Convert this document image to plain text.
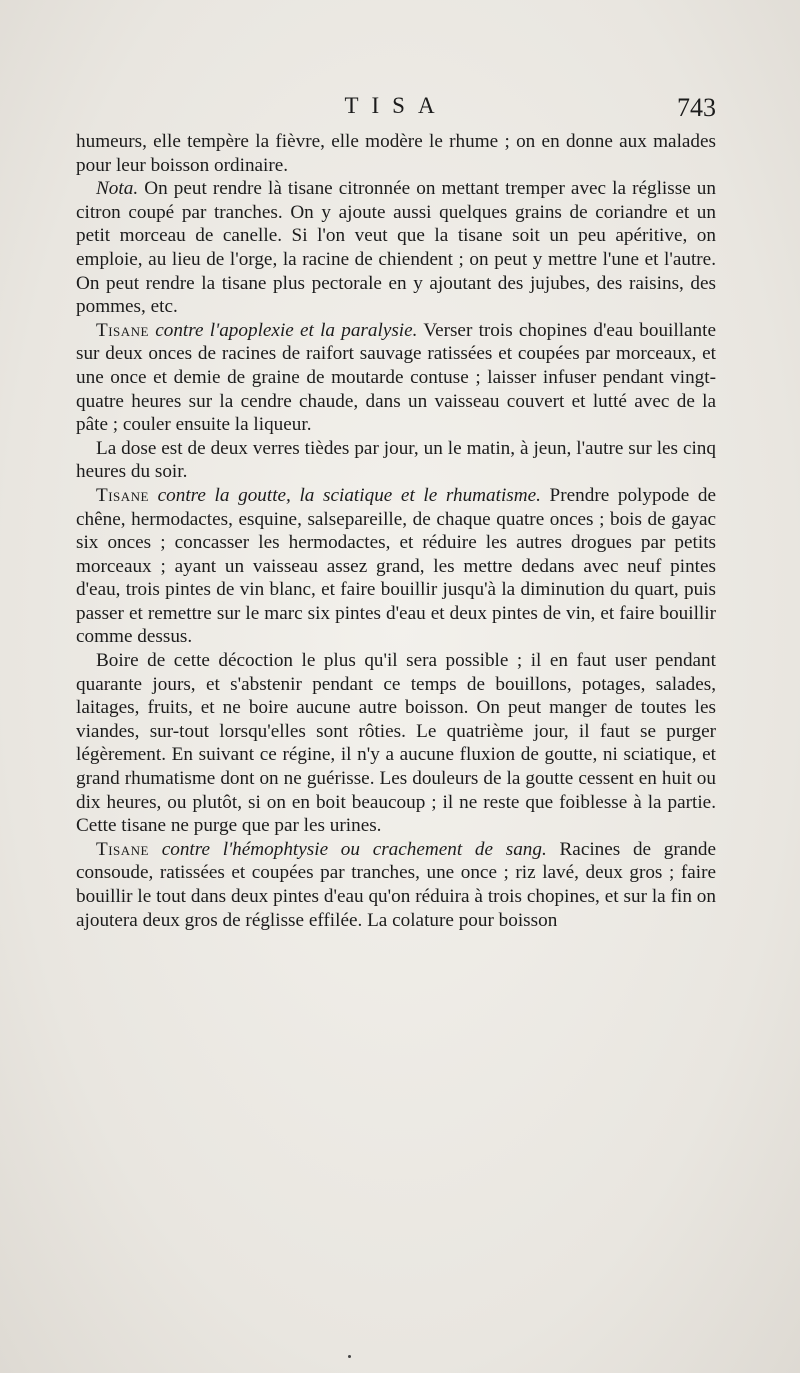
TISA	743

humeurs, elle tempère la fièvre, elle modère le rhume ; on en donne aux malades pour leur boisson ordinaire.

Nota. On peut rendre là tisane citronnée on mettant tremper avec la réglisse un citron coupé par tranches. On y ajoute aussi quelques grains de coriandre et un petit morceau de canelle. Si l'on veut que la tisane soit un peu apéritive, on emploie, au lieu de l'orge, la racine de chiendent ; on peut y mettre l'une et l'autre. On peut rendre la tisane plus pectorale en y ajoutant des jujubes, des raisins, des pommes, etc.

Tisane contre l'apoplexie et la paralysie. Verser trois chopines d'eau bouillante sur deux onces de racines de raifort sauvage ratissées et coupées par morceaux, et une once et demie de graine de moutarde contuse ; laisser infuser pendant vingt-quatre heures sur la cendre chaude, dans un vaisseau couvert et lutté avec de la pâte ; couler ensuite la liqueur.

La dose est de deux verres tièdes par jour, un le matin, à jeun, l'autre sur les cinq heures du soir.

Tisane contre la goutte, la sciatique et le rhumatisme. Prendre polypode de chêne, hermodactes, esquine, salsepareille, de chaque quatre onces ; bois de gayac six onces ; concasser les hermodactes, et réduire les autres drogues par petits morceaux ; ayant un vaisseau assez grand, les mettre dedans avec neuf pintes d'eau, trois pintes de vin blanc, et faire bouillir jusqu'à la diminution du quart, puis passer et remettre sur le marc six pintes d'eau et deux pintes de vin, et faire bouillir comme dessus.

Boire de cette décoction le plus qu'il sera possible ; il en faut user pendant quarante jours, et s'abstenir pendant ce temps de bouillons, potages, salades, laitages, fruits, et ne boire aucune autre boisson. On peut manger de toutes les viandes, sur-tout lorsqu'elles sont rôties. Le quatrième jour, il faut se purger légèrement. En suivant ce régine, il n'y a aucune fluxion de goutte, ni sciatique, et grand rhumatisme dont on ne guérisse. Les douleurs de la goutte cessent en huit ou dix heures, ou plutôt, si on en boit beaucoup ; il ne reste que foiblesse à la partie. Cette tisane ne purge que par les urines.

Tisane contre l'hémophtysie ou crachement de sang. Racines de grande consoude, ratissées et coupées par tranches, une once ; riz lavé, deux gros ; faire bouillir le tout dans deux pintes d'eau qu'on réduira à trois chopines, et sur la fin on ajoutera deux gros de réglisse effilée. La colature pour boisson
